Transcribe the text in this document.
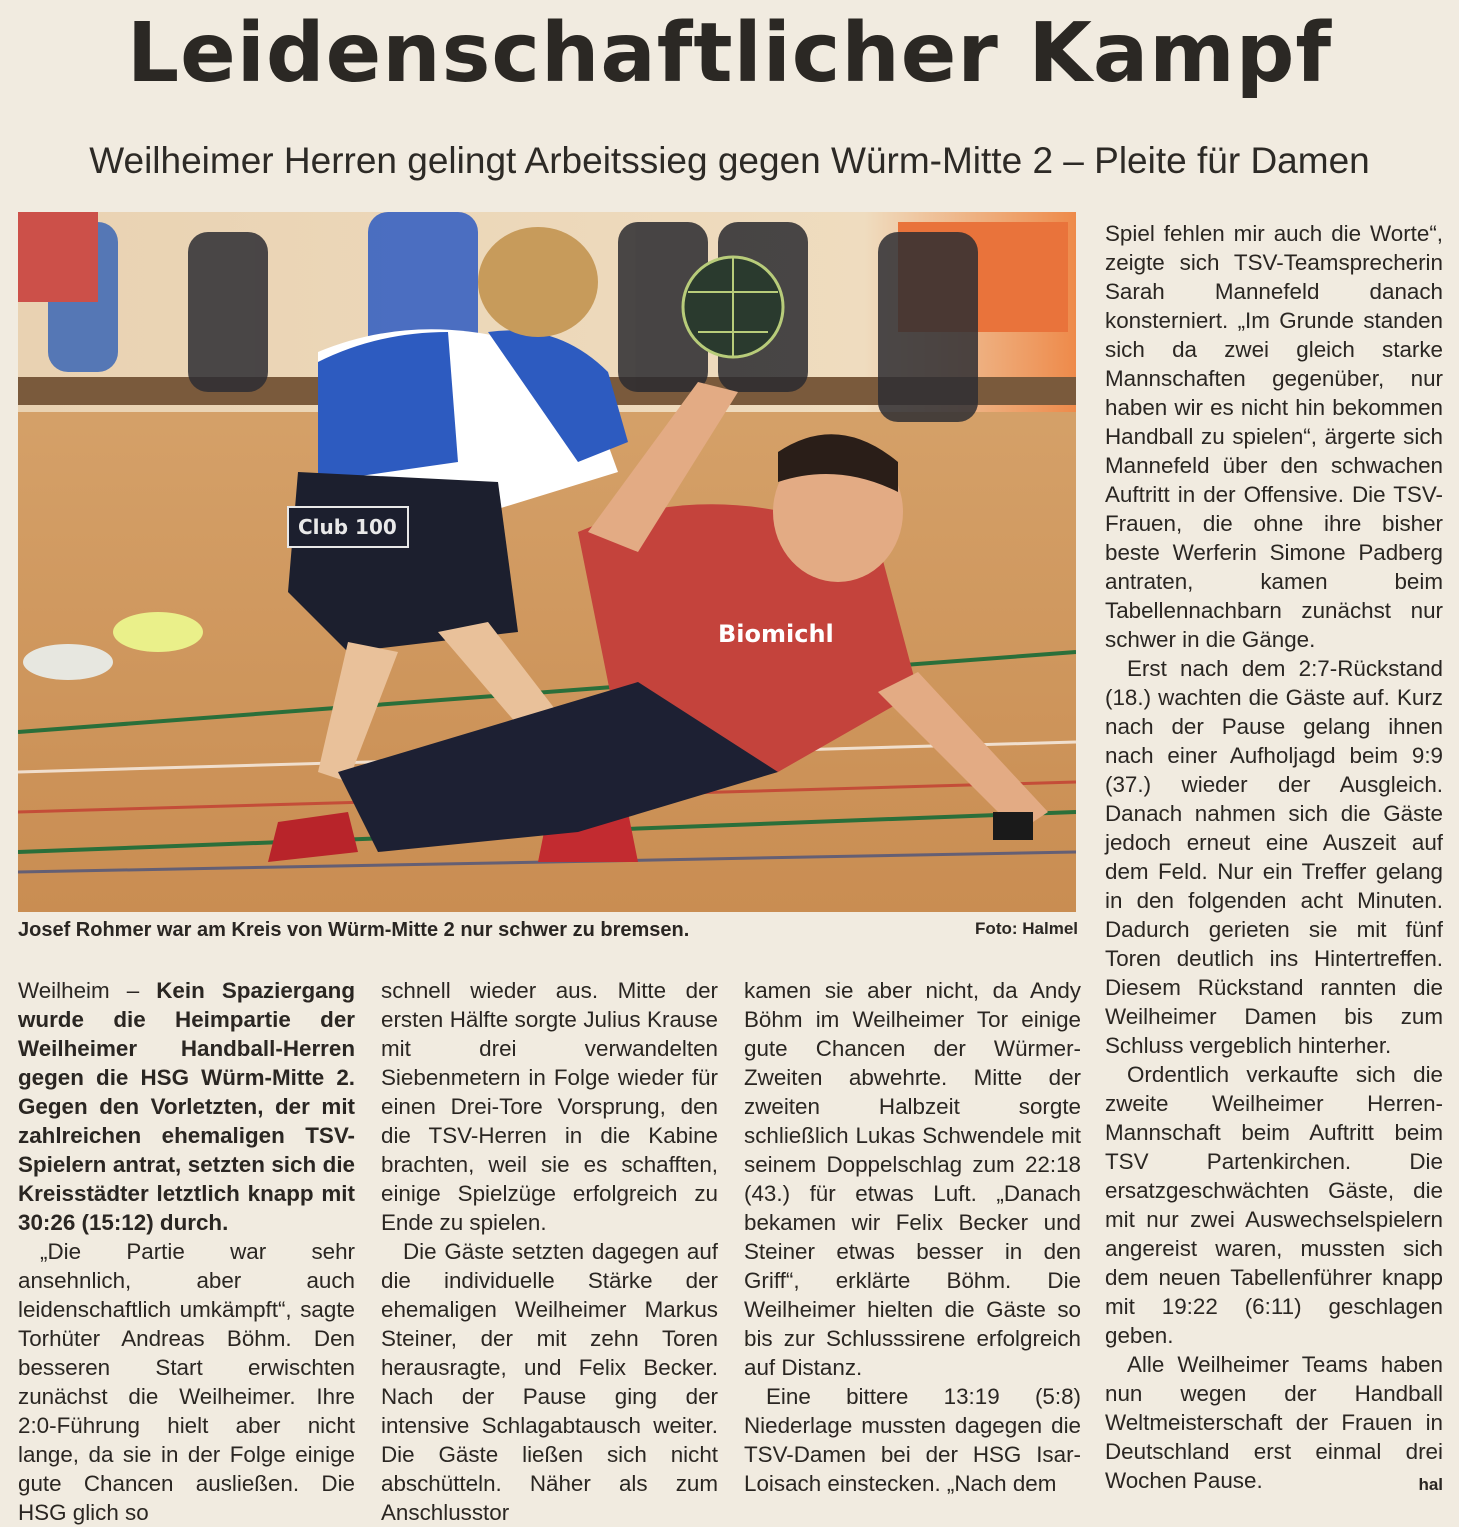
Leidenschaftlicher Kampf
Weilheimer Herren gelingt Arbeitssieg gegen Würm-Mitte 2 – Pleite für Damen
Club 100
Biomichl
Josef Rohmer war am Kreis von Würm-Mitte 2 nur schwer zu bremsen.	Foto: Halmel

Weilheim – Kein Spaziergang wurde die Heimpartie der Weilheimer Handball-Herren gegen die HSG Würm-Mitte 2. Gegen den Vorletzten, der mit zahlreichen ehemaligen TSV-Spielern antrat, setzten sich die Kreisstädter letztlich knapp mit 30:26 (15:12) durch.

„Die Partie war sehr ansehnlich, aber auch leidenschaftlich umkämpft“, sagte Torhüter Andreas Böhm. Den besseren Start erwischten zunächst die Weilheimer. Ihre 2:0-Führung hielt aber nicht lange, da sie in der Folge einige gute Chancen ausließen. Die HSG glich so

schnell wieder aus. Mitte der ersten Hälfte sorgte Julius Krause mit drei verwandelten Siebenmetern in Folge wieder für einen Drei-Tore Vorsprung, den die TSV-Herren in die Kabine brachten, weil sie es schafften, einige Spielzüge erfolgreich zu Ende zu spielen.

Die Gäste setzten dagegen auf die individuelle Stärke der ehemaligen Weilheimer Markus Steiner, der mit zehn Toren herausragte, und Felix Becker. Nach der Pause ging der intensive Schlagabtausch weiter. Die Gäste ließen sich nicht abschütteln. Näher als zum Anschlusstor

kamen sie aber nicht, da Andy Böhm im Weilheimer Tor einige gute Chancen der Würmer-Zweiten abwehrte. Mitte der zweiten Halbzeit sorgte schließlich Lukas Schwendele mit seinem Doppelschlag zum 22:18 (43.) für etwas Luft. „Danach bekamen wir Felix Becker und Steiner etwas besser in den Griff“, erklärte Böhm. Die Weilheimer hielten die Gäste so bis zur Schlusssirene erfolgreich auf Distanz.

Eine bittere 13:19 (5:8) Niederlage mussten dagegen die TSV-Damen bei der HSG Isar-Loisach einstecken. „Nach dem

Spiel fehlen mir auch die Worte“, zeigte sich TSV-Teamsprecherin Sarah Mannefeld danach konsterniert. „Im Grunde standen sich da zwei gleich starke Mannschaften gegenüber, nur haben wir es nicht hin bekommen Handball zu spielen“, ärgerte sich Mannefeld über den schwachen Auftritt in der Offensive. Die TSV-Frauen, die ohne ihre bisher beste Werferin Simone Padberg antraten, kamen beim Tabellennachbarn zunächst nur schwer in die Gänge.

Erst nach dem 2:7-Rückstand (18.) wachten die Gäste auf. Kurz nach der Pause gelang ihnen nach einer Aufholjagd beim 9:9 (37.) wieder der Ausgleich. Danach nahmen sich die Gäste jedoch erneut eine Auszeit auf dem Feld. Nur ein Treffer gelang in den folgenden acht Minuten. Dadurch gerieten sie mit fünf Toren deutlich ins Hintertreffen. Diesem Rückstand rannten die Weilheimer Damen bis zum Schluss vergeblich hinterher.

Ordentlich verkaufte sich die zweite Weilheimer Herren-Mannschaft beim Auftritt beim TSV Partenkirchen. Die ersatzgeschwächten Gäste, die mit nur zwei Auswechselspielern angereist waren, mussten sich dem neuen Tabellenführer knapp mit 19:22 (6:11) geschlagen geben.

Alle Weilheimer Teams haben nun wegen der Handball Weltmeisterschaft der Frauen in Deutschland erst einmal drei Wochen Pause.	hal
